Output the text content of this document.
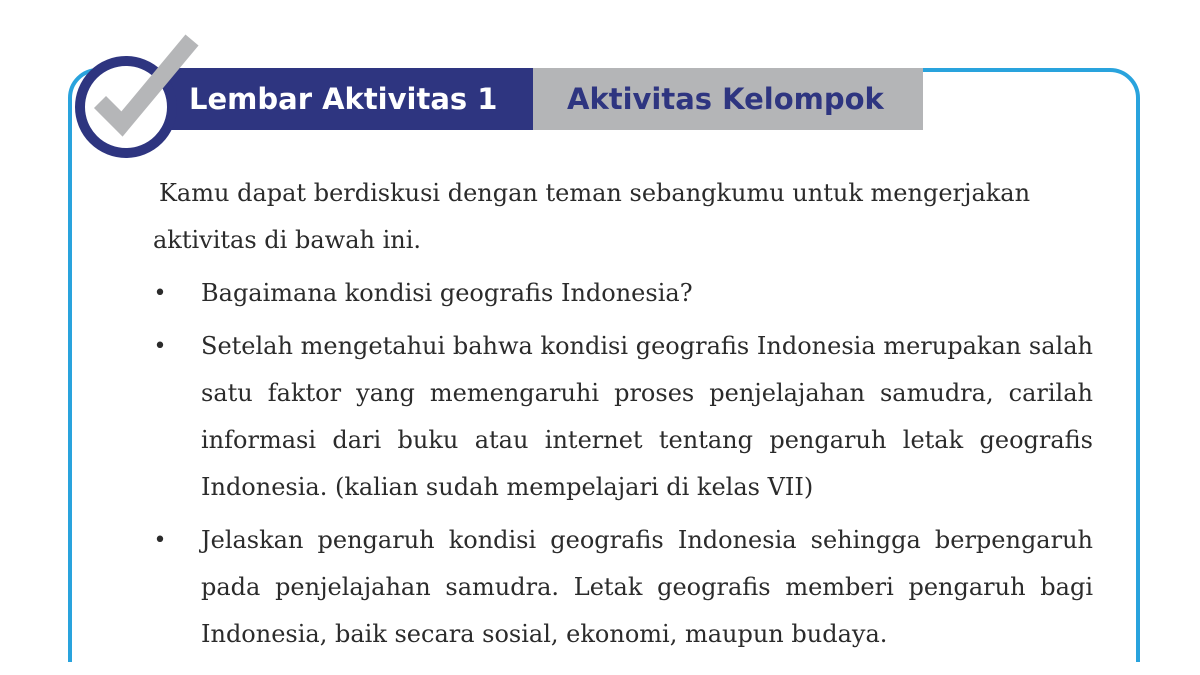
Lembar Aktivitas 1	Aktivitas Kelompok

Kamu dapat berdiskusi dengan teman sebangkumu untuk mengerjakan aktivitas di bawah ini.

• Bagaimana kondisi geografis Indonesia?
• Setelah mengetahui bahwa kondisi geografis Indonesia merupakan salah satu faktor yang memengaruhi proses penjelajahan samudra, carilah informasi dari buku atau internet tentang pengaruh letak geografis Indonesia. (kalian sudah mempelajari di kelas VII)
• Jelaskan pengaruh kondisi geografis Indonesia sehingga berpengaruh pada penjelajahan samudra. Letak geografis memberi pengaruh bagi Indonesia, baik secara sosial, ekonomi, maupun budaya.
